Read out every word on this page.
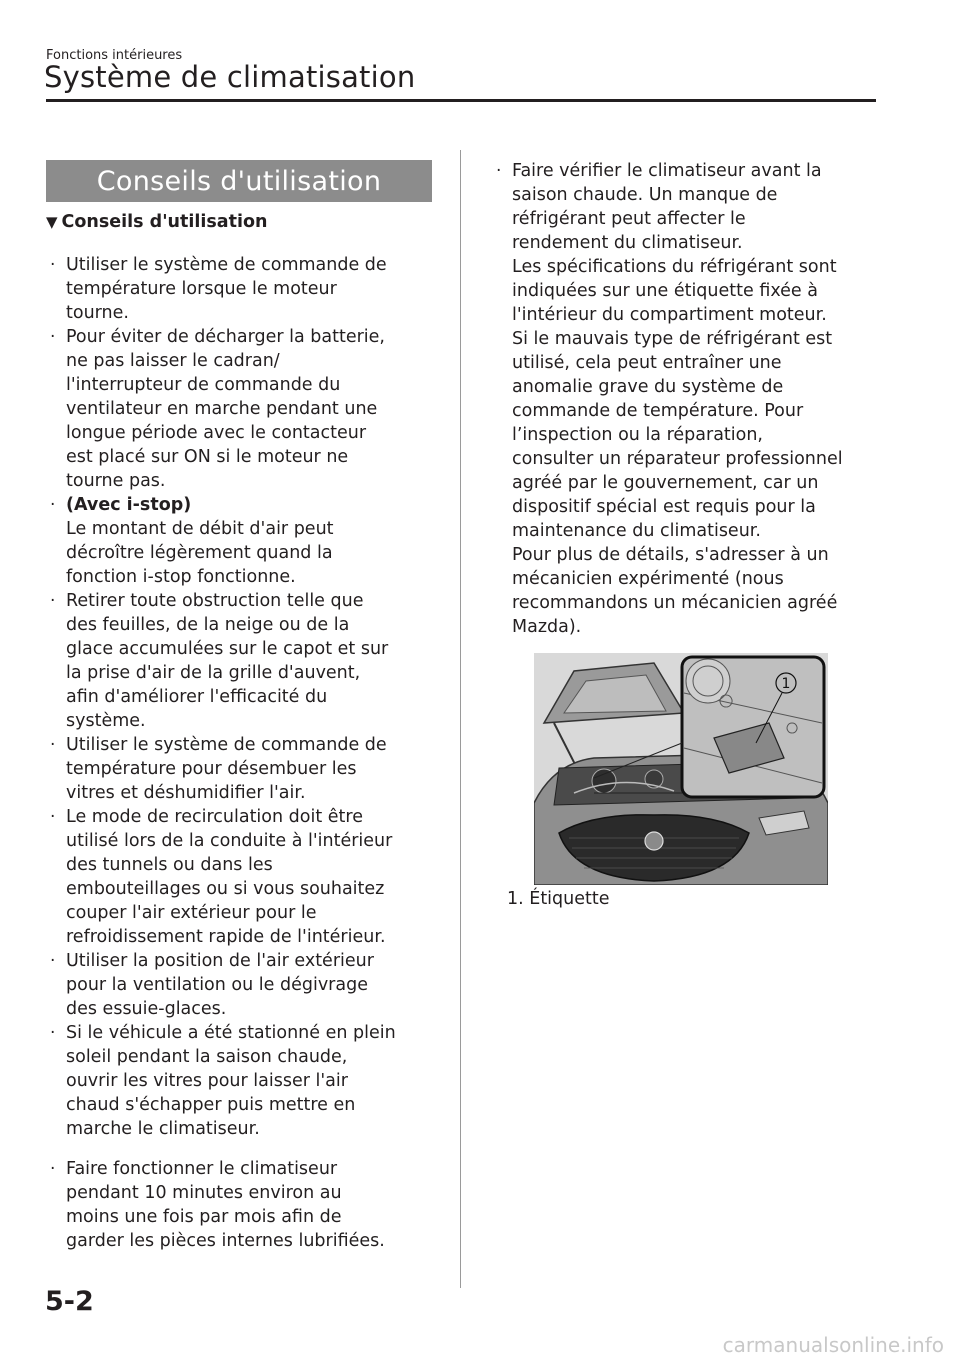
Fonctions intérieures
Système de climatisation
Conseils d'utilisation
▼ Conseils d'utilisation
· Utiliser le système de commande de
température lorsque le moteur
tourne.
· Pour éviter de décharger la batterie,
ne pas laisser le cadran/
l'interrupteur de commande du
ventilateur en marche pendant une
longue période avec le contacteur
est placé sur ON si le moteur ne
tourne pas.
· (Avec i-stop)
Le montant de débit d'air peut
décroître légèrement quand la
fonction i-stop fonctionne.
· Retirer toute obstruction telle que
des feuilles, de la neige ou de la
glace accumulées sur le capot et sur
la prise d'air de la grille d'auvent,
afin d'améliorer l'efficacité du
système.
· Utiliser le système de commande de
température pour désembuer les
vitres et déshumidifier l'air.
· Le mode de recirculation doit être
utilisé lors de la conduite à l'intérieur
des tunnels ou dans les
embouteillages ou si vous souhaitez
couper l'air extérieur pour le
refroidissement rapide de l'intérieur.
· Utiliser la position de l'air extérieur
pour la ventilation ou le dégivrage
des essuie-glaces.
· Si le véhicule a été stationné en plein
soleil pendant la saison chaude,
ouvrir les vitres pour laisser l'air
chaud s'échapper puis mettre en
marche le climatiseur.
· Faire fonctionner le climatiseur
pendant 10 minutes environ au
moins une fois par mois afin de
garder les pièces internes lubrifiées.
· Faire vérifier le climatiseur avant la
saison chaude. Un manque de
réfrigérant peut affecter le
rendement du climatiseur.
Les spécifications du réfrigérant sont
indiquées sur une étiquette fixée à
l'intérieur du compartiment moteur.
Si le mauvais type de réfrigérant est
utilisé, cela peut entraîner une
anomalie grave du système de
commande de température. Pour
l’inspection ou la réparation,
consulter un réparateur professionnel
agréé par le gouvernement, car un
dispositif spécial est requis pour la
maintenance du climatiseur.
Pour plus de détails, s'adresser à un
mécanicien expérimenté (nous
recommandons un mécanicien agréé
Mazda).
1
1. Étiquette
5-2
carmanualsonline.info
